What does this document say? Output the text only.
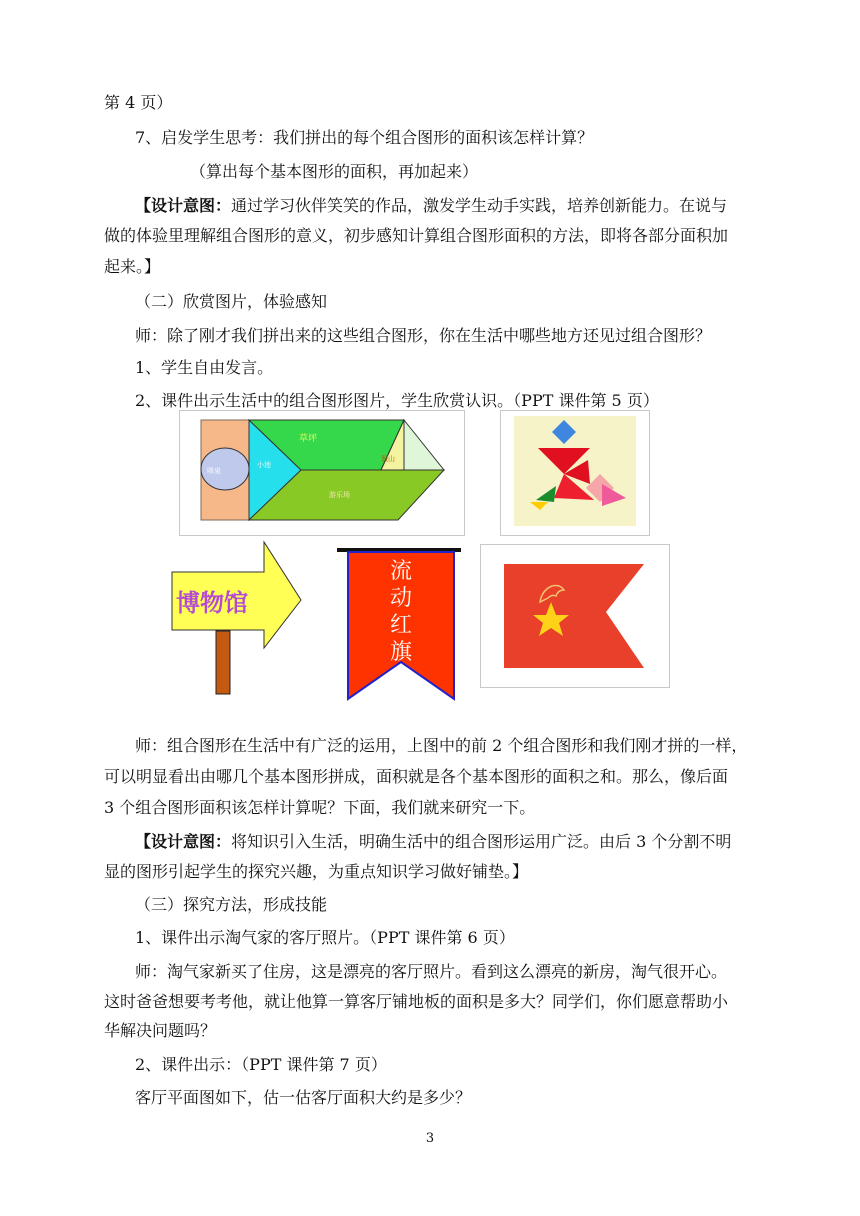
第 4 页）
7、启发学生思考：我们拼出的每个组合图形的面积该怎样计算？
（算出每个基本图形的面积，再加起来）
【设计意图：通过学习伙伴笑笑的作品，激发学生动手实践，培养创新能力。在说与
做的体验里理解组合图形的意义，初步感知计算组合图形面积的方法，即将各部分面积加
起来。】
（二）欣赏图片，体验感知
师：除了刚才我们拼出来的这些组合图形，你在生活中哪些地方还见过组合图形？
1、学生自由发言。
2、课件出示生活中的组合图形图片，学生欣赏认识。（PPT 课件第 5 页）
草坪
小池
喷泉
假山
游乐场
博物馆
流
动
红
旗
师：组合图形在生活中有广泛的运用，上图中的前 2 个组合图形和我们刚才拼的一样，
可以明显看出由哪几个基本图形拼成，面积就是各个基本图形的面积之和。那么，像后面
3 个组合图形面积该怎样计算呢？下面，我们就来研究一下。
【设计意图：将知识引入生活，明确生活中的组合图形运用广泛。由后 3 个分割不明
显的图形引起学生的探究兴趣，为重点知识学习做好铺垫。】
（三）探究方法，形成技能
1、课件出示淘气家的客厅照片。（PPT 课件第 6 页）
师：淘气家新买了住房，这是漂亮的客厅照片。看到这么漂亮的新房，淘气很开心。
这时爸爸想要考考他，就让他算一算客厅铺地板的面积是多大？同学们，你们愿意帮助小
华解决问题吗？
2、课件出示：（PPT 课件第 7 页）
客厅平面图如下，估一估客厅面积大约是多少？
3
